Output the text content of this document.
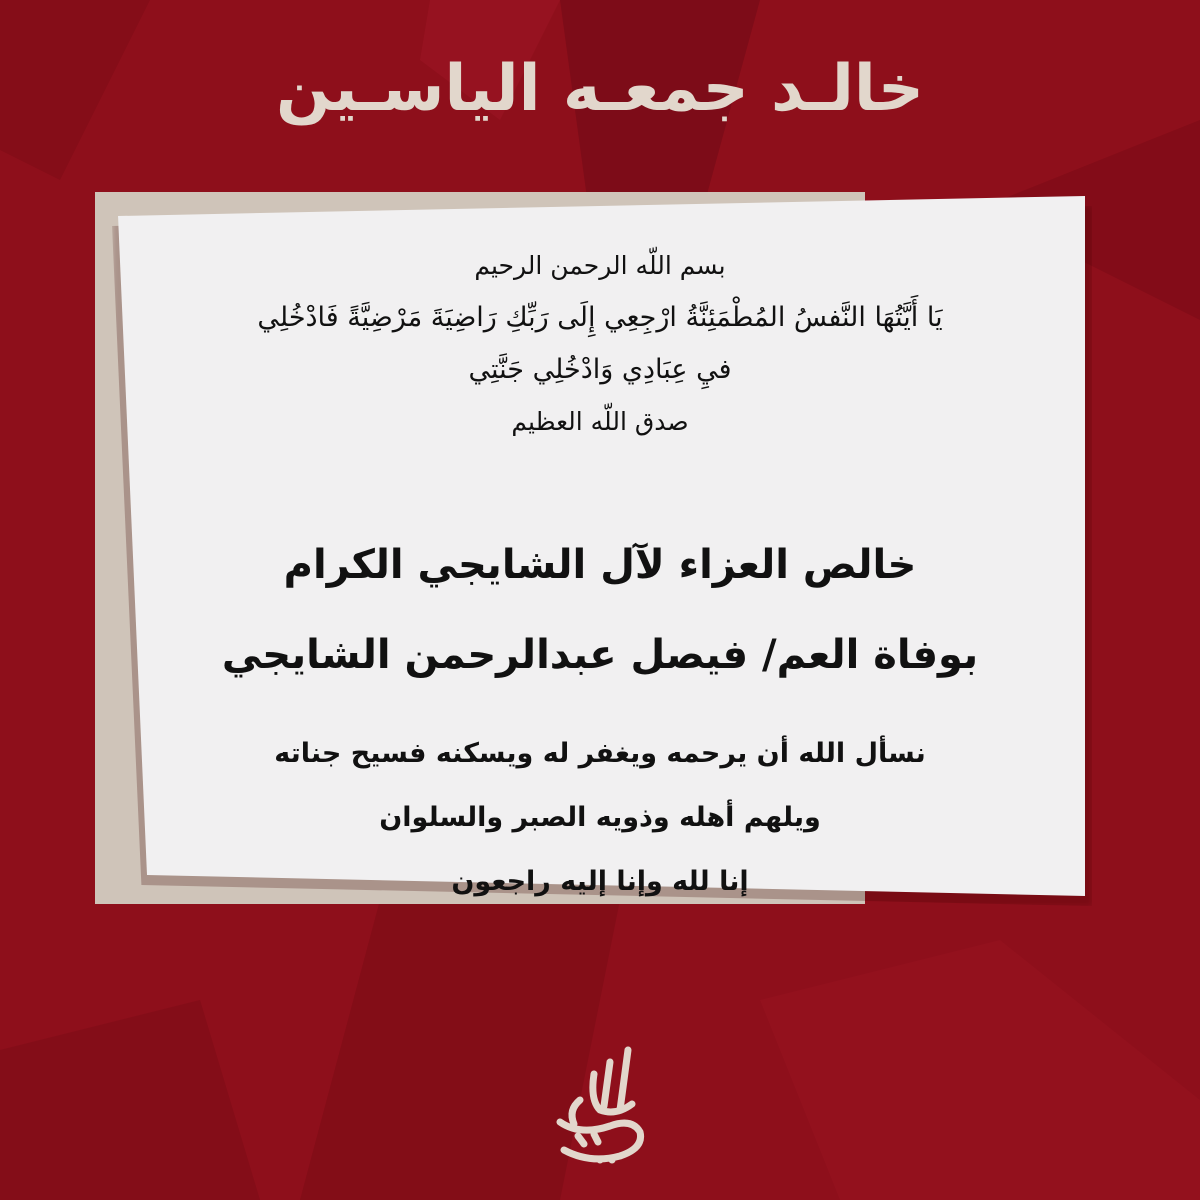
خالـد جمعـه الياسـين
بسم اللّه الرحمن الرحيم
يَا أَيَّتُهَا النَّفسُ المُطْمَئِنَّةُ ارْجِعِي إِلَى رَبِّكِ رَاضِيَةَ مَرْضِيَّةً فَادْخُلِي
فيِ عِبَادِي وَادْخُلِي جَنَّتِي
صدق اللّه العظيم
خالص العزاء لآل الشايجي الكرام
بوفاة العم/ فيصل عبدالرحمن الشايجي
نسأل الله أن يرحمه ويغفر له ويسكنه فسيح جناته
ويلهم أهله وذويه الصبر والسلوان
إنا لله وإنا إليه راجعون
